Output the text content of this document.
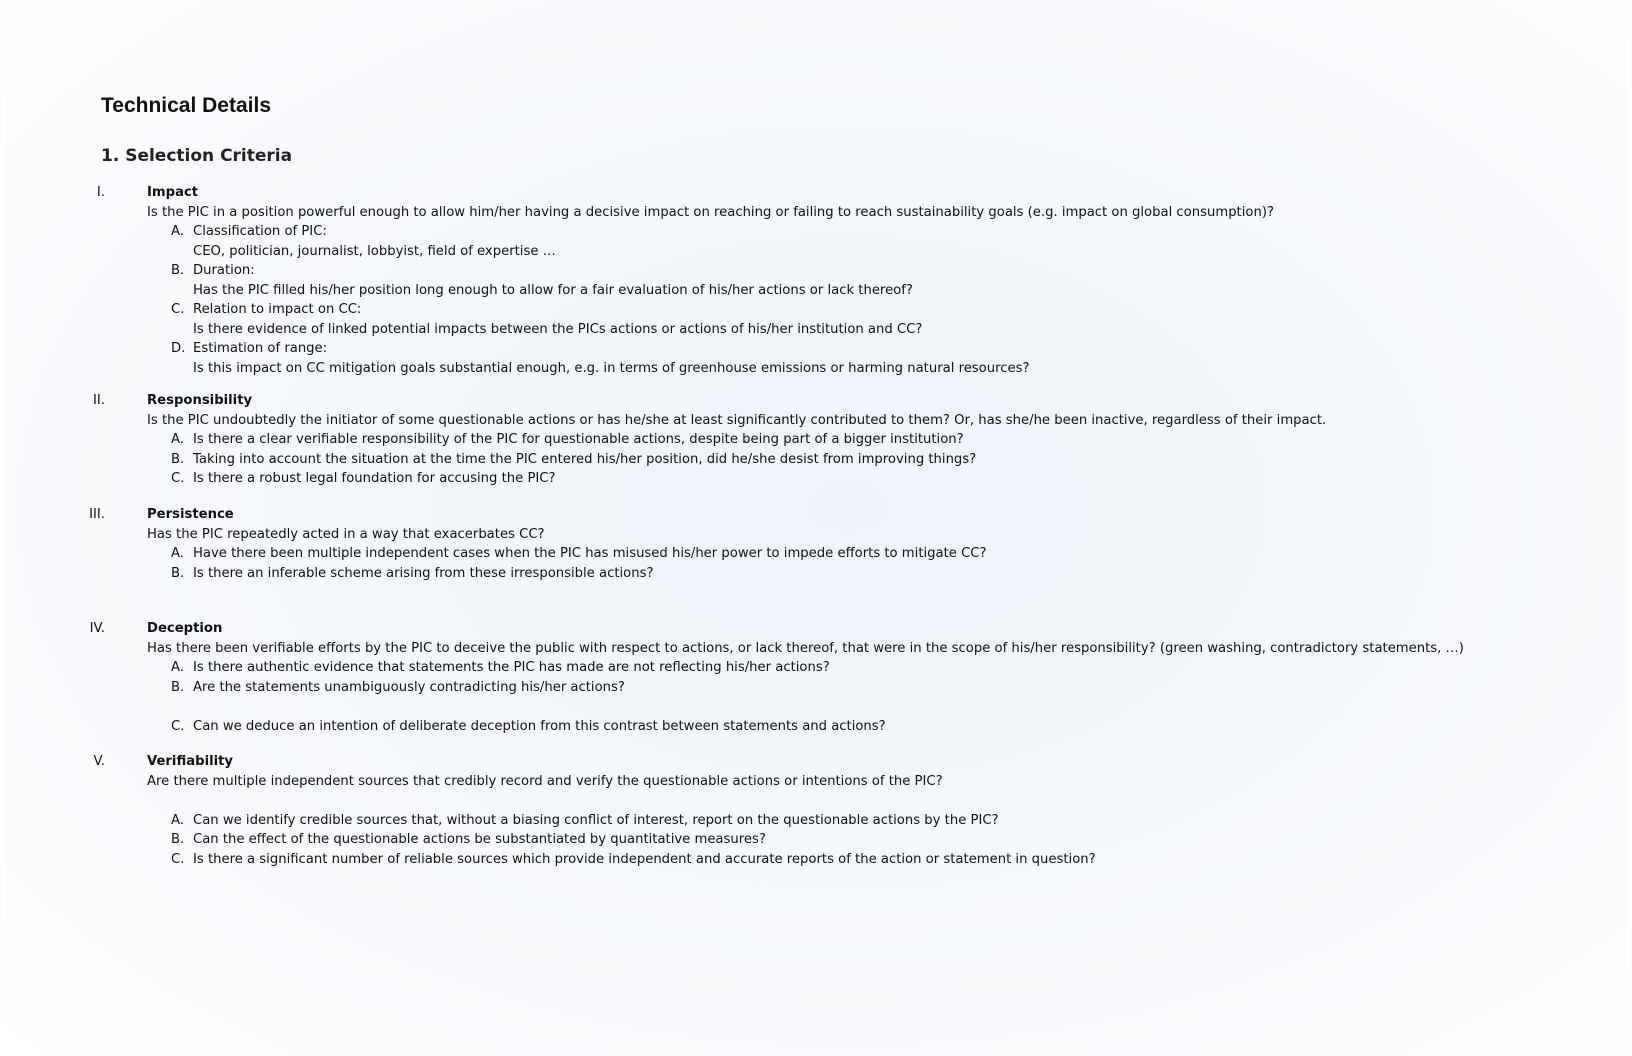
Technical Details
1. Selection Criteria
I.	Impact
Is the PIC in a position powerful enough to allow him/her having a decisive impact on reaching or failing to reach sustainability goals (e.g. impact on global consumption)?
A. Classification of PIC:
CEO, politician, journalist, lobbyist, field of expertise …
B. Duration:
Has the PIC filled his/her position long enough to allow for a fair evaluation of his/her actions or lack thereof?
C. Relation to impact on CC:
Is there evidence of linked potential impacts between the PICs actions or actions of his/her institution and CC?
D. Estimation of range:
Is this impact on CC mitigation goals substantial enough, e.g. in terms of greenhouse emissions or harming natural resources?
II.	Responsibility
Is the PIC undoubtedly the initiator of some questionable actions or has he/she at least significantly contributed to them? Or, has she/he been inactive, regardless of their impact.
A. Is there a clear verifiable responsibility of the PIC for questionable actions, despite being part of a bigger institution?
B. Taking into account the situation at the time the PIC entered his/her position, did he/she desist from improving things?
C. Is there a robust legal foundation for accusing the PIC?
III.	Persistence
Has the PIC repeatedly acted in a way that exacerbates CC?
A. Have there been multiple independent cases when the PIC has misused his/her power to impede efforts to mitigate CC?
B. Is there an inferable scheme arising from these irresponsible actions?
IV.	Deception
Has there been verifiable efforts by the PIC to deceive the public with respect to actions, or lack thereof, that were in the scope of his/her responsibility? (green washing, contradictory statements, …)
A. Is there authentic evidence that statements the PIC has made are not reflecting his/her actions?
B. Are the statements unambiguously contradicting his/her actions?
C. Can we deduce an intention of deliberate deception from this contrast between statements and actions?
V.	Verifiability
Are there multiple independent sources that credibly record and verify the questionable actions or intentions of the PIC?
A. Can we identify credible sources that, without a biasing conflict of interest, report on the questionable actions by the PIC?
B. Can the effect of the questionable actions be substantiated by quantitative measures?
C. Is there a significant number of reliable sources which provide independent and accurate reports of the action or statement in question?
